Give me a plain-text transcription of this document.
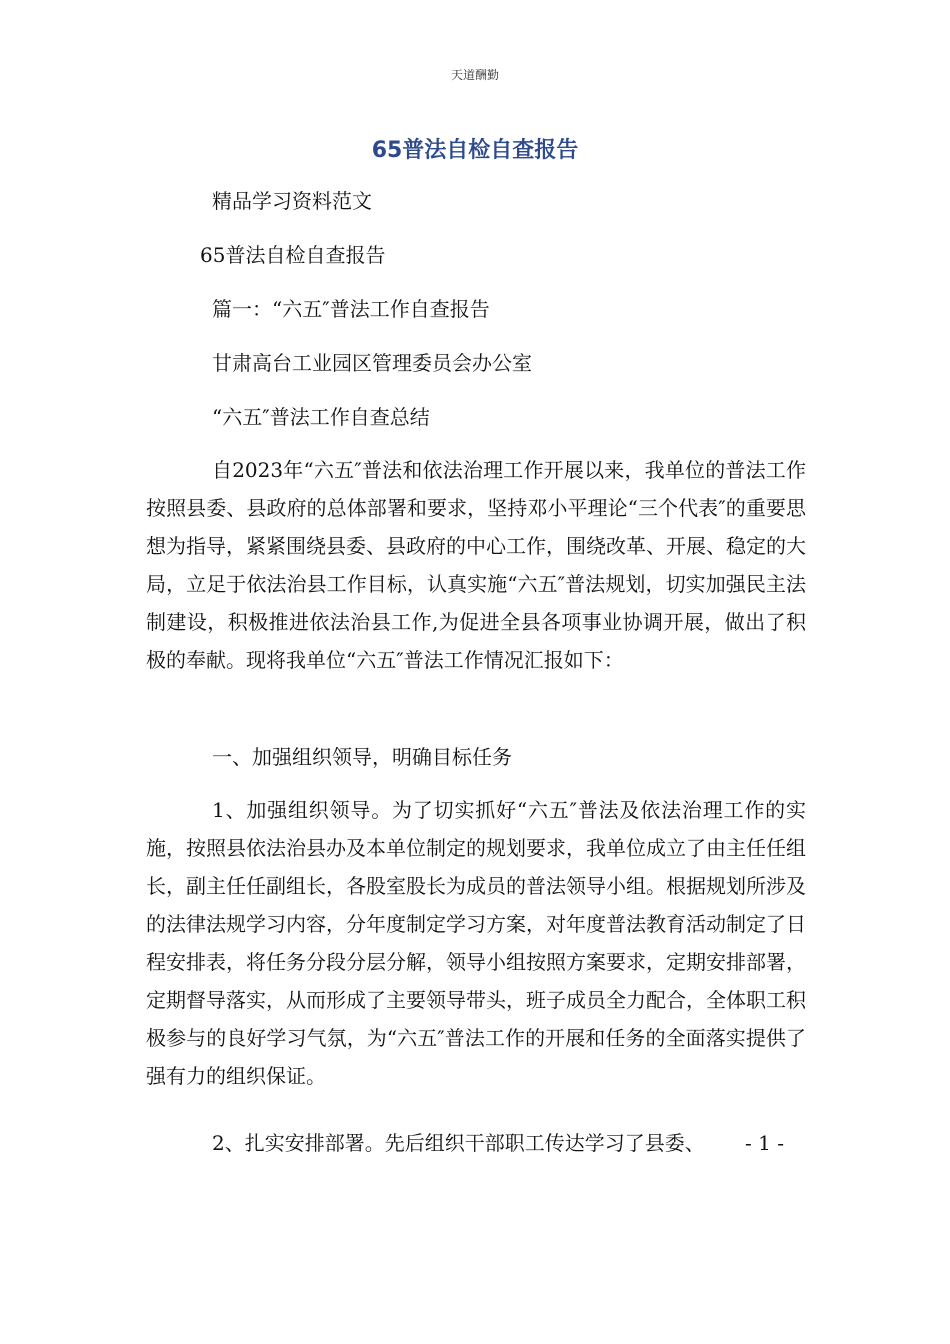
天道酬勤
65普法自检自查报告
精品学习资料范文
65普法自检自查报告
篇一：“六五″普法工作自查报告
甘肃高台工业园区管理委员会办公室
“六五″普法工作自查总结
自2023年“六五″普法和依法治理工作开展以来，我单位的普法工作按照县委、县政府的总体部署和要求，坚持邓小平理论“三个代表″的重要思想为指导，紧紧围绕县委、县政府的中心工作，围绕改革、开展、稳定的大局，立足于依法治县工作目标，认真实施“六五″普法规划，切实加强民主法制建设，积极推进依法治县工作,为促进全县各项事业协调开展，做出了积极的奉献。现将我单位“六五″普法工作情况汇报如下：
一、加强组织领导，明确目标任务
1、加强组织领导。为了切实抓好“六五″普法及依法治理工作的实施，按照县依法治县办及本单位制定的规划要求，我单位成立了由主任任组长，副主任任副组长，各股室股长为成员的普法领导小组。根据规划所涉及的法律法规学习内容，分年度制定学习方案，对年度普法教育活动制定了日程安排表，将任务分段分层分解，领导小组按照方案要求，定期安排部署，定期督导落实，从而形成了主要领导带头，班子成员全力配合，全体职工积极参与的良好学习气氛，为“六五″普法工作的开展和任务的全面落实提供了强有力的组织保证。
2、扎实安排部署。先后组织干部职工传达学习了县委、 - 1 -
